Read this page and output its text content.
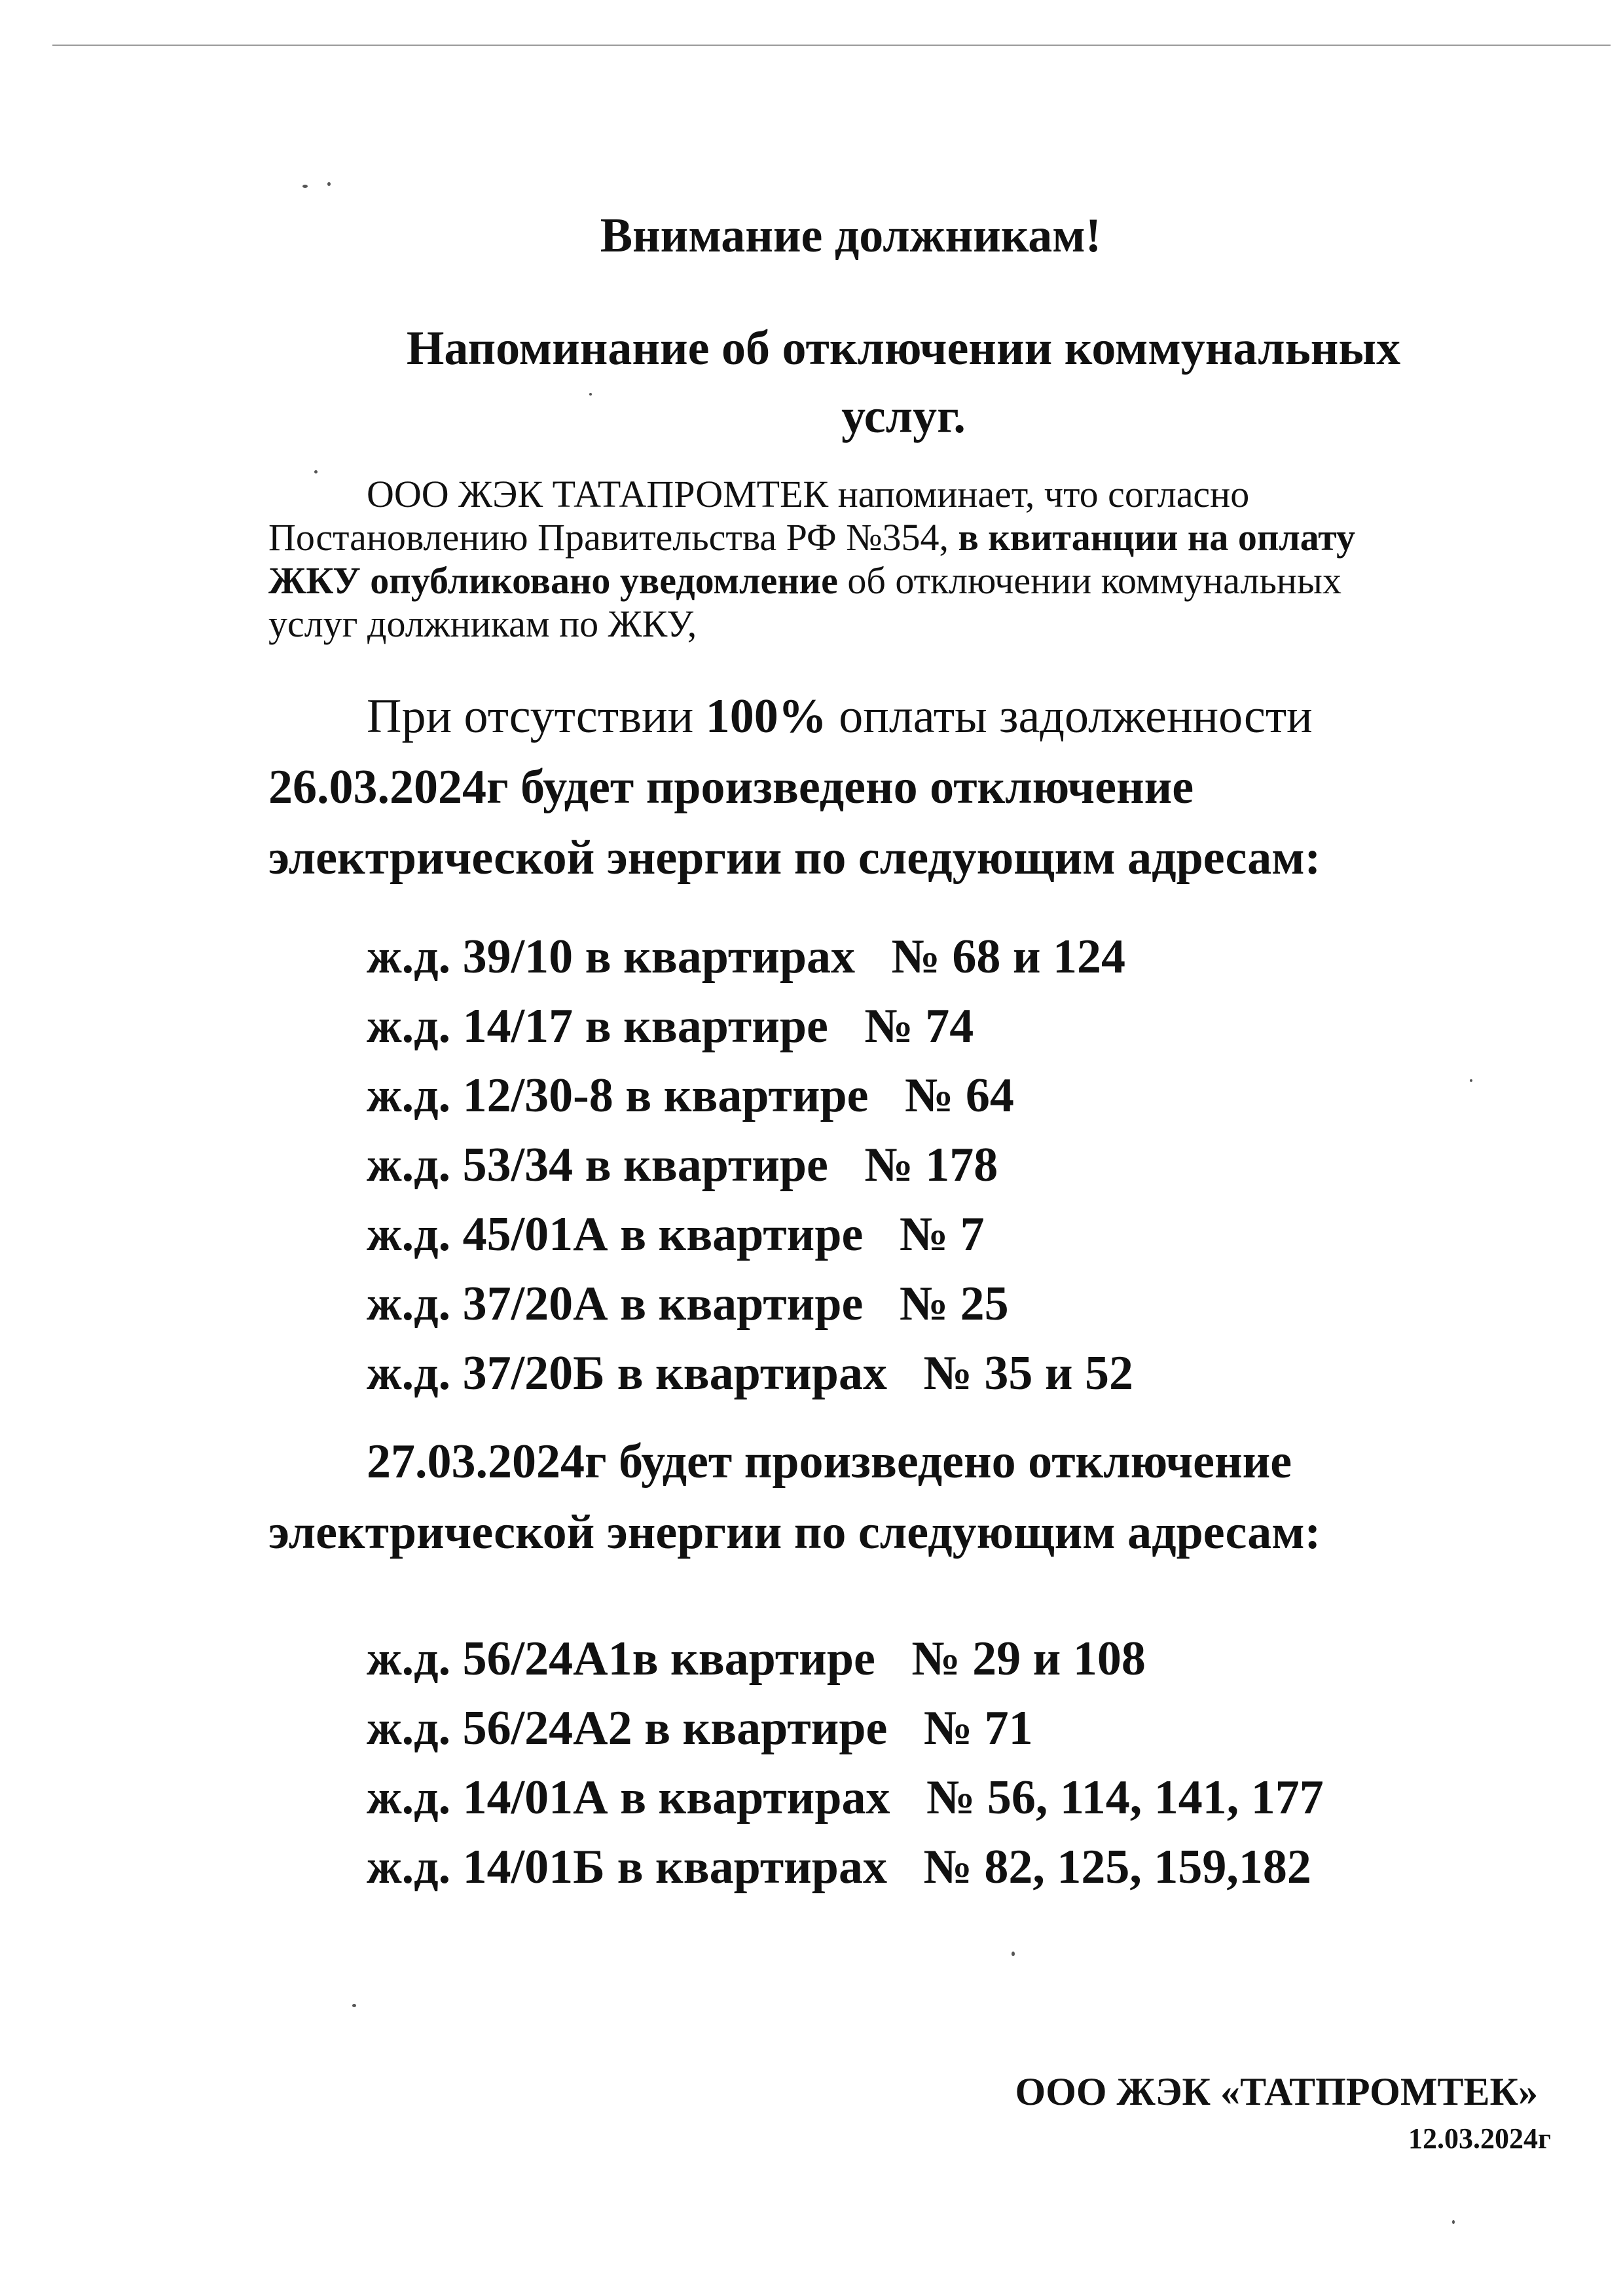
Внимание должникам!
Напоминание об отключении коммунальных
услуг.

ООО ЖЭК ТАТАПРОМТЕК напоминает, что согласно
Постановлению Правительства РФ №354, в квитанции на оплату
ЖКУ опубликовано уведомление об отключении коммунальных
услуг должникам по ЖКУ,

При отсутствии 100% оплаты задолженности
26.03.2024г будет произведено отключение
электрической энергии по следующим адресам:

ж.д. 39/10 в квартирах   № 68 и 124
ж.д. 14/17 в квартире   № 74
ж.д. 12/30-8 в квартире   № 64
ж.д. 53/34 в квартире   № 178
ж.д. 45/01А в квартире   № 7
ж.д. 37/20А в квартире   № 25
ж.д. 37/20Б в квартирах   № 35 и 52

27.03.2024г будет произведено отключение
электрической энергии по следующим адресам:

ж.д. 56/24А1в квартире   № 29 и 108
ж.д. 56/24А2 в квартире   № 71
ж.д. 14/01А в квартирах   № 56, 114, 141, 177
ж.д. 14/01Б в квартирах   № 82, 125, 159,182

ООО ЖЭК «ТАТПРОМТЕК»

12.03.2024г
